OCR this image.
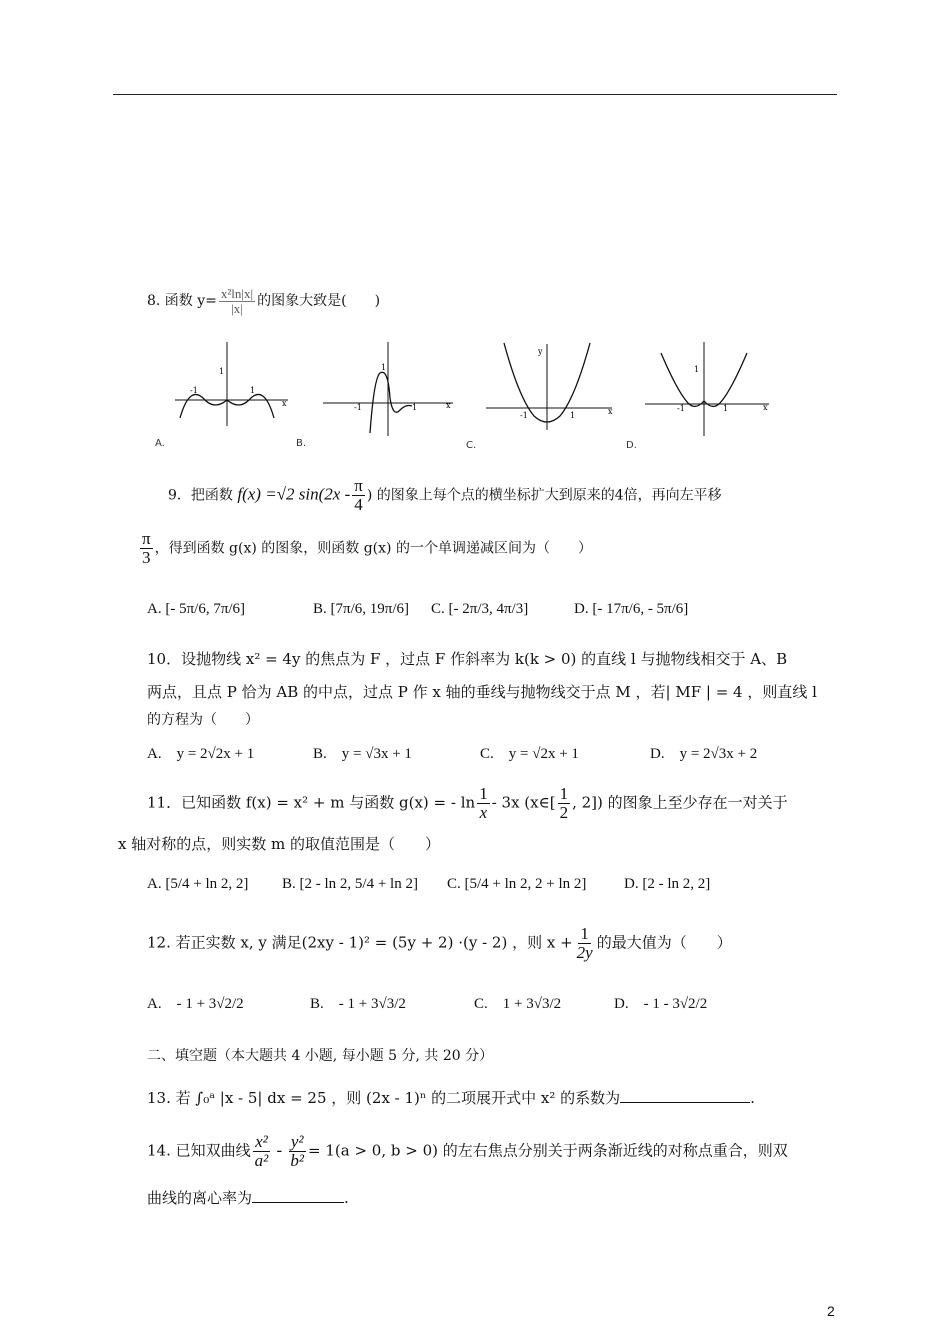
8. 函数 $y= \frac{\text{x²ln|x|}}{|x|}$ 的图象大致是(　　)
-1	1
1
x
A.
-1	1
1
x
B.
-1	1
y
x
C.
-1	1
1
x
D.
9．把函数 f(x) =√2 $\sin(2x - \frac{\pi}{4}$ ) 的图象上每个点的横坐标扩大到原来的4倍，再向左平移
$\frac{\pi}{3}$ ，得到函数 g(x) 的图象，则函数 g(x) 的一个单调递减区间为（　　）
A. [- 5π/6, 7π/6]	B. [7π/6, 19π/6] C. [- 2π/3, 4π/3]	D. [- 17π/6, - 5π/6]
10．设抛物线 x² = 4y 的焦点为 F ，过点 F 作斜率为 k(k > 0) 的直线 l 与抛物线相交于 A、B
两点，且点 P 恰为 AB 的中点，过点 P 作 x 轴的垂线与抛物线交于点 M ，若| MF | = 4 ，则直线 l
的方程为（　　）
A.　y = 2√2x + 1	B.　y = √3x + 1	C.　y = √2x + 1	D.　y = 2√3x + 2
11．已知函数 f(x) = x² + m 与函数 g(x) = - $\ln \frac{1}{x} - 3x$ (x∈[ $\frac{1}{2}$ , 2]) 的图象上至少存在一对关于
x 轴对称的点，则实数 m 的取值范围是（　　）
A. [5/4 + ln 2, 2] B. [2 - ln 2, 5/4 + ln 2] C. [5/4 + ln 2, 2 + ln 2]	D. [2 - ln 2, 2]
12. 若正实数 x, y 满足(2xy - 1)² = (5y + 2) ·(y - 2) ，则 $x + \frac{1}{2y}$ 的最大值为（　　）
A.　- 1 + 3√2/2	B.　- 1 + 3√3/2	C.　1 + 3√3/2	D.　- 1 - 3√2/2
二、填空题（本大题共 4 小题, 每小题 5 分, 共 20 分）
13. 若 ∫₀ᵃ |x - 5| dx = 25 ，则 (2x - 1)ⁿ 的二项展开式中 x² 的系数为	.
14. 已知双曲线 $\frac{\text{x²}}{\text{a²}} - \frac{\text{y²}}{\text{b²}} = 1(a > 0$, b > 0) 的左右焦点分别关于两条渐近线的对称点重合，则双
曲线的离心率为	.
2
